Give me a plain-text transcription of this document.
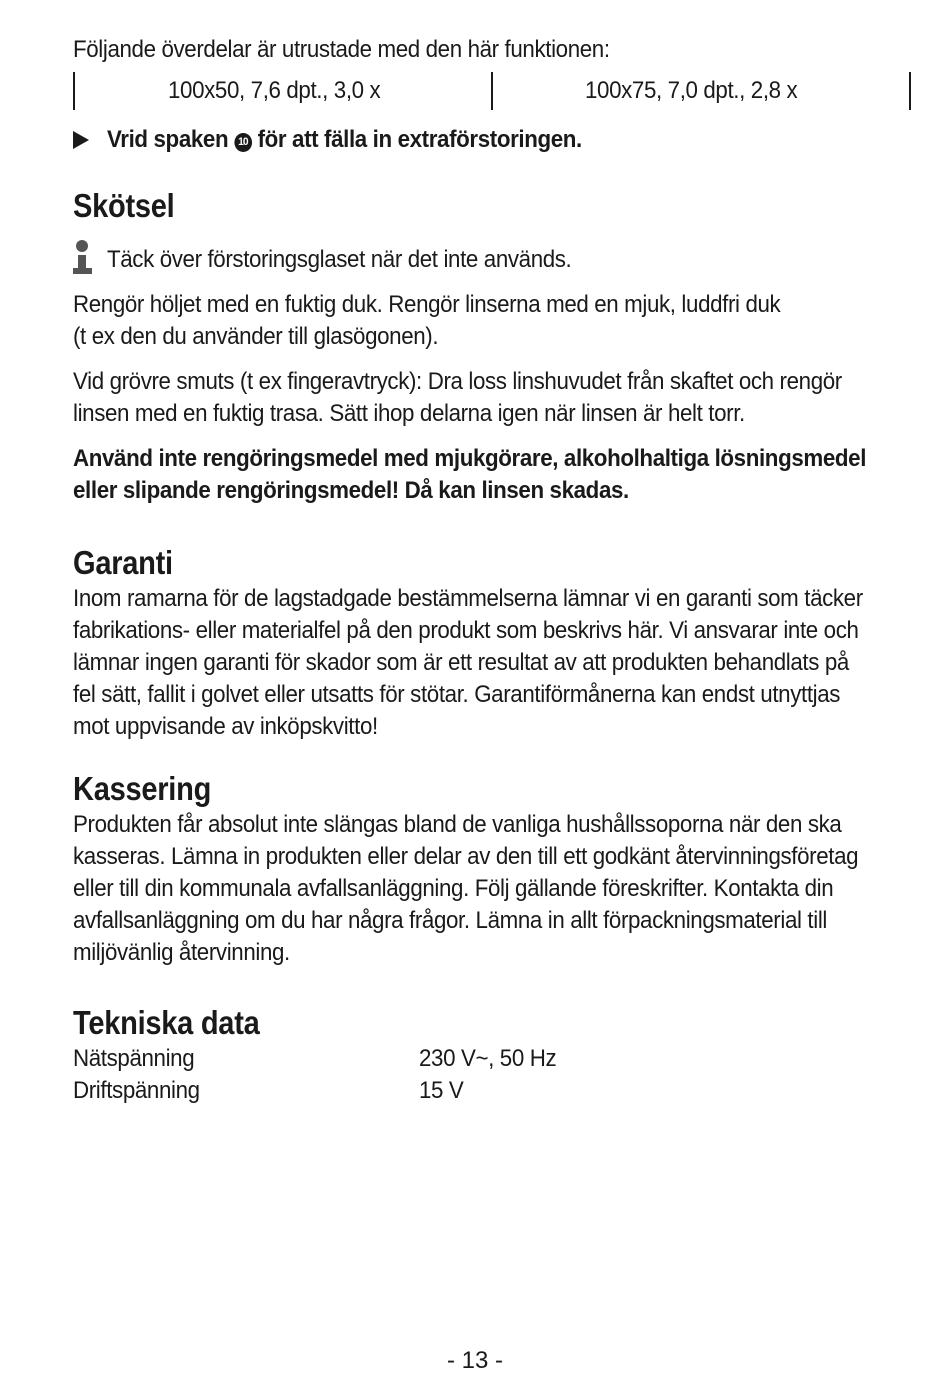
Följande överdelar är utrustade med den här funktionen:

100x50, 7,6 dpt., 3,0 x	100x75, 7,0 dpt., 2,8 x

Vrid spaken 10 för att fälla in extraförstoringen.

Skötsel

Täck över förstoringsglaset när det inte används.

Rengör höljet med en fuktig duk. Rengör linserna med en mjuk, luddfri duk

(t ex den du använder till glasögonen).

Vid grövre smuts (t ex fingeravtryck): Dra loss linshuvudet från skaftet och rengör

linsen med en fuktig trasa. Sätt ihop delarna igen när linsen är helt torr.

Använd inte rengöringsmedel med mjukgörare, alkoholhaltiga lösningsmedel

eller slipande rengöringsmedel! Då kan linsen skadas.

Garanti

Inom ramarna för de lagstadgade bestämmelserna lämnar vi en garanti som täcker

fabrikations- eller materialfel på den produkt som beskrivs här. Vi ansvarar inte och

lämnar ingen garanti för skador som är ett resultat av att produkten behandlats på

fel sätt, fallit i golvet eller utsatts för stötar. Garantiförmånerna kan endst utnyttjas

mot uppvisande av inköpskvitto!

Kassering

Produkten får absolut inte slängas bland de vanliga hushållssoporna när den ska

kasseras. Lämna in produkten eller delar av den till ett godkänt återvinningsföretag

eller till din kommunala avfallsanläggning. Följ gällande föreskrifter. Kontakta din

avfallsanläggning om du har några frågor. Lämna in allt förpackningsmaterial till

miljövänlig återvinning.

Tekniska data
Nätspänning	230 V~, 50 Hz
Driftspänning	15 V
- 13 -
